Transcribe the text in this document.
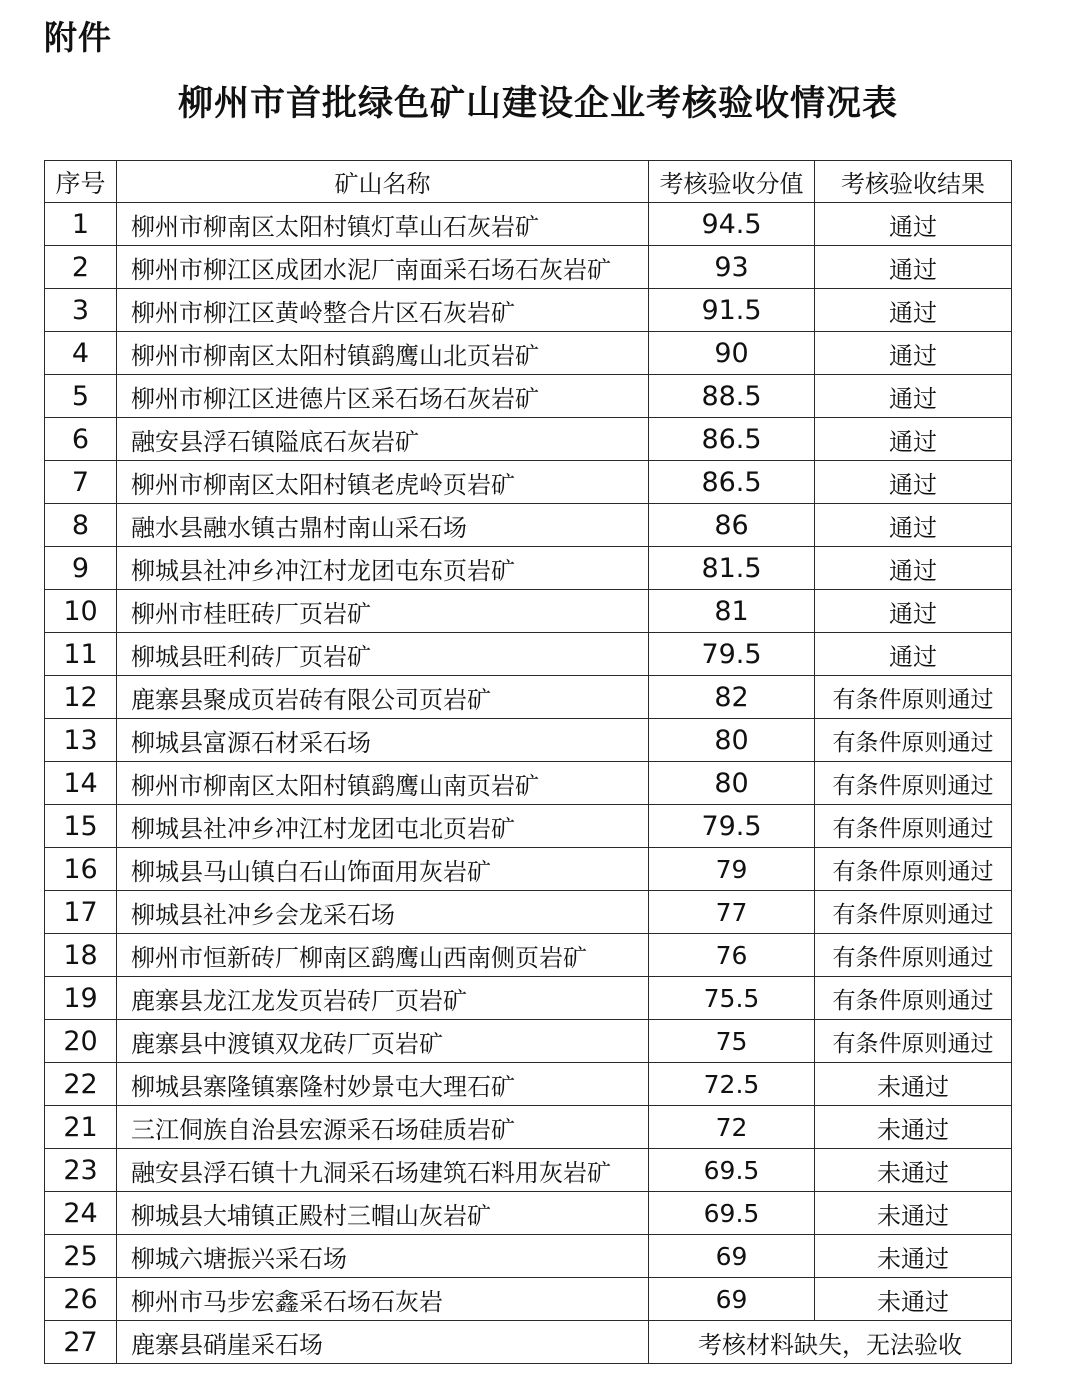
附件
柳州市首批绿色矿山建设企业考核验收情况表
序号	矿山名称	考核验收分值	考核验收结果
1	柳州市柳南区太阳村镇灯草山石灰岩矿	94.5	通过
2	柳州市柳江区成团水泥厂南面采石场石灰岩矿	93	通过
3	柳州市柳江区黄岭整合片区石灰岩矿	91.5	通过
4	柳州市柳南区太阳村镇鹞鹰山北页岩矿	90	通过
5	柳州市柳江区进德片区采石场石灰岩矿	88.5	通过
6	融安县浮石镇隘底石灰岩矿	86.5	通过
7	柳州市柳南区太阳村镇老虎岭页岩矿	86.5	通过
8	融水县融水镇古鼎村南山采石场	86	通过
9	柳城县社冲乡冲江村龙团屯东页岩矿	81.5	通过
10	柳州市桂旺砖厂页岩矿	81	通过
11	柳城县旺利砖厂页岩矿	79.5	通过
12	鹿寨县聚成页岩砖有限公司页岩矿	82	有条件原则通过
13	柳城县富源石材采石场	80	有条件原则通过
14	柳州市柳南区太阳村镇鹞鹰山南页岩矿	80	有条件原则通过
15	柳城县社冲乡冲江村龙团屯北页岩矿	79.5	有条件原则通过
16	柳城县马山镇白石山饰面用灰岩矿	79	有条件原则通过
17	柳城县社冲乡会龙采石场	77	有条件原则通过
18	柳州市恒新砖厂柳南区鹞鹰山西南侧页岩矿	76	有条件原则通过
19	鹿寨县龙江龙发页岩砖厂页岩矿	75.5	有条件原则通过
20	鹿寨县中渡镇双龙砖厂页岩矿	75	有条件原则通过
22	柳城县寨隆镇寨隆村妙景屯大理石矿	72.5	未通过
21	三江侗族自治县宏源采石场硅质岩矿	72	未通过
23	融安县浮石镇十九洞采石场建筑石料用灰岩矿	69.5	未通过
24	柳城县大埔镇正殿村三帽山灰岩矿	69.5	未通过
25	柳城六塘振兴采石场	69	未通过
26	柳州市马步宏鑫采石场石灰岩	69	未通过
27	鹿寨县硝崖采石场	考核材料缺失，无法验收	
